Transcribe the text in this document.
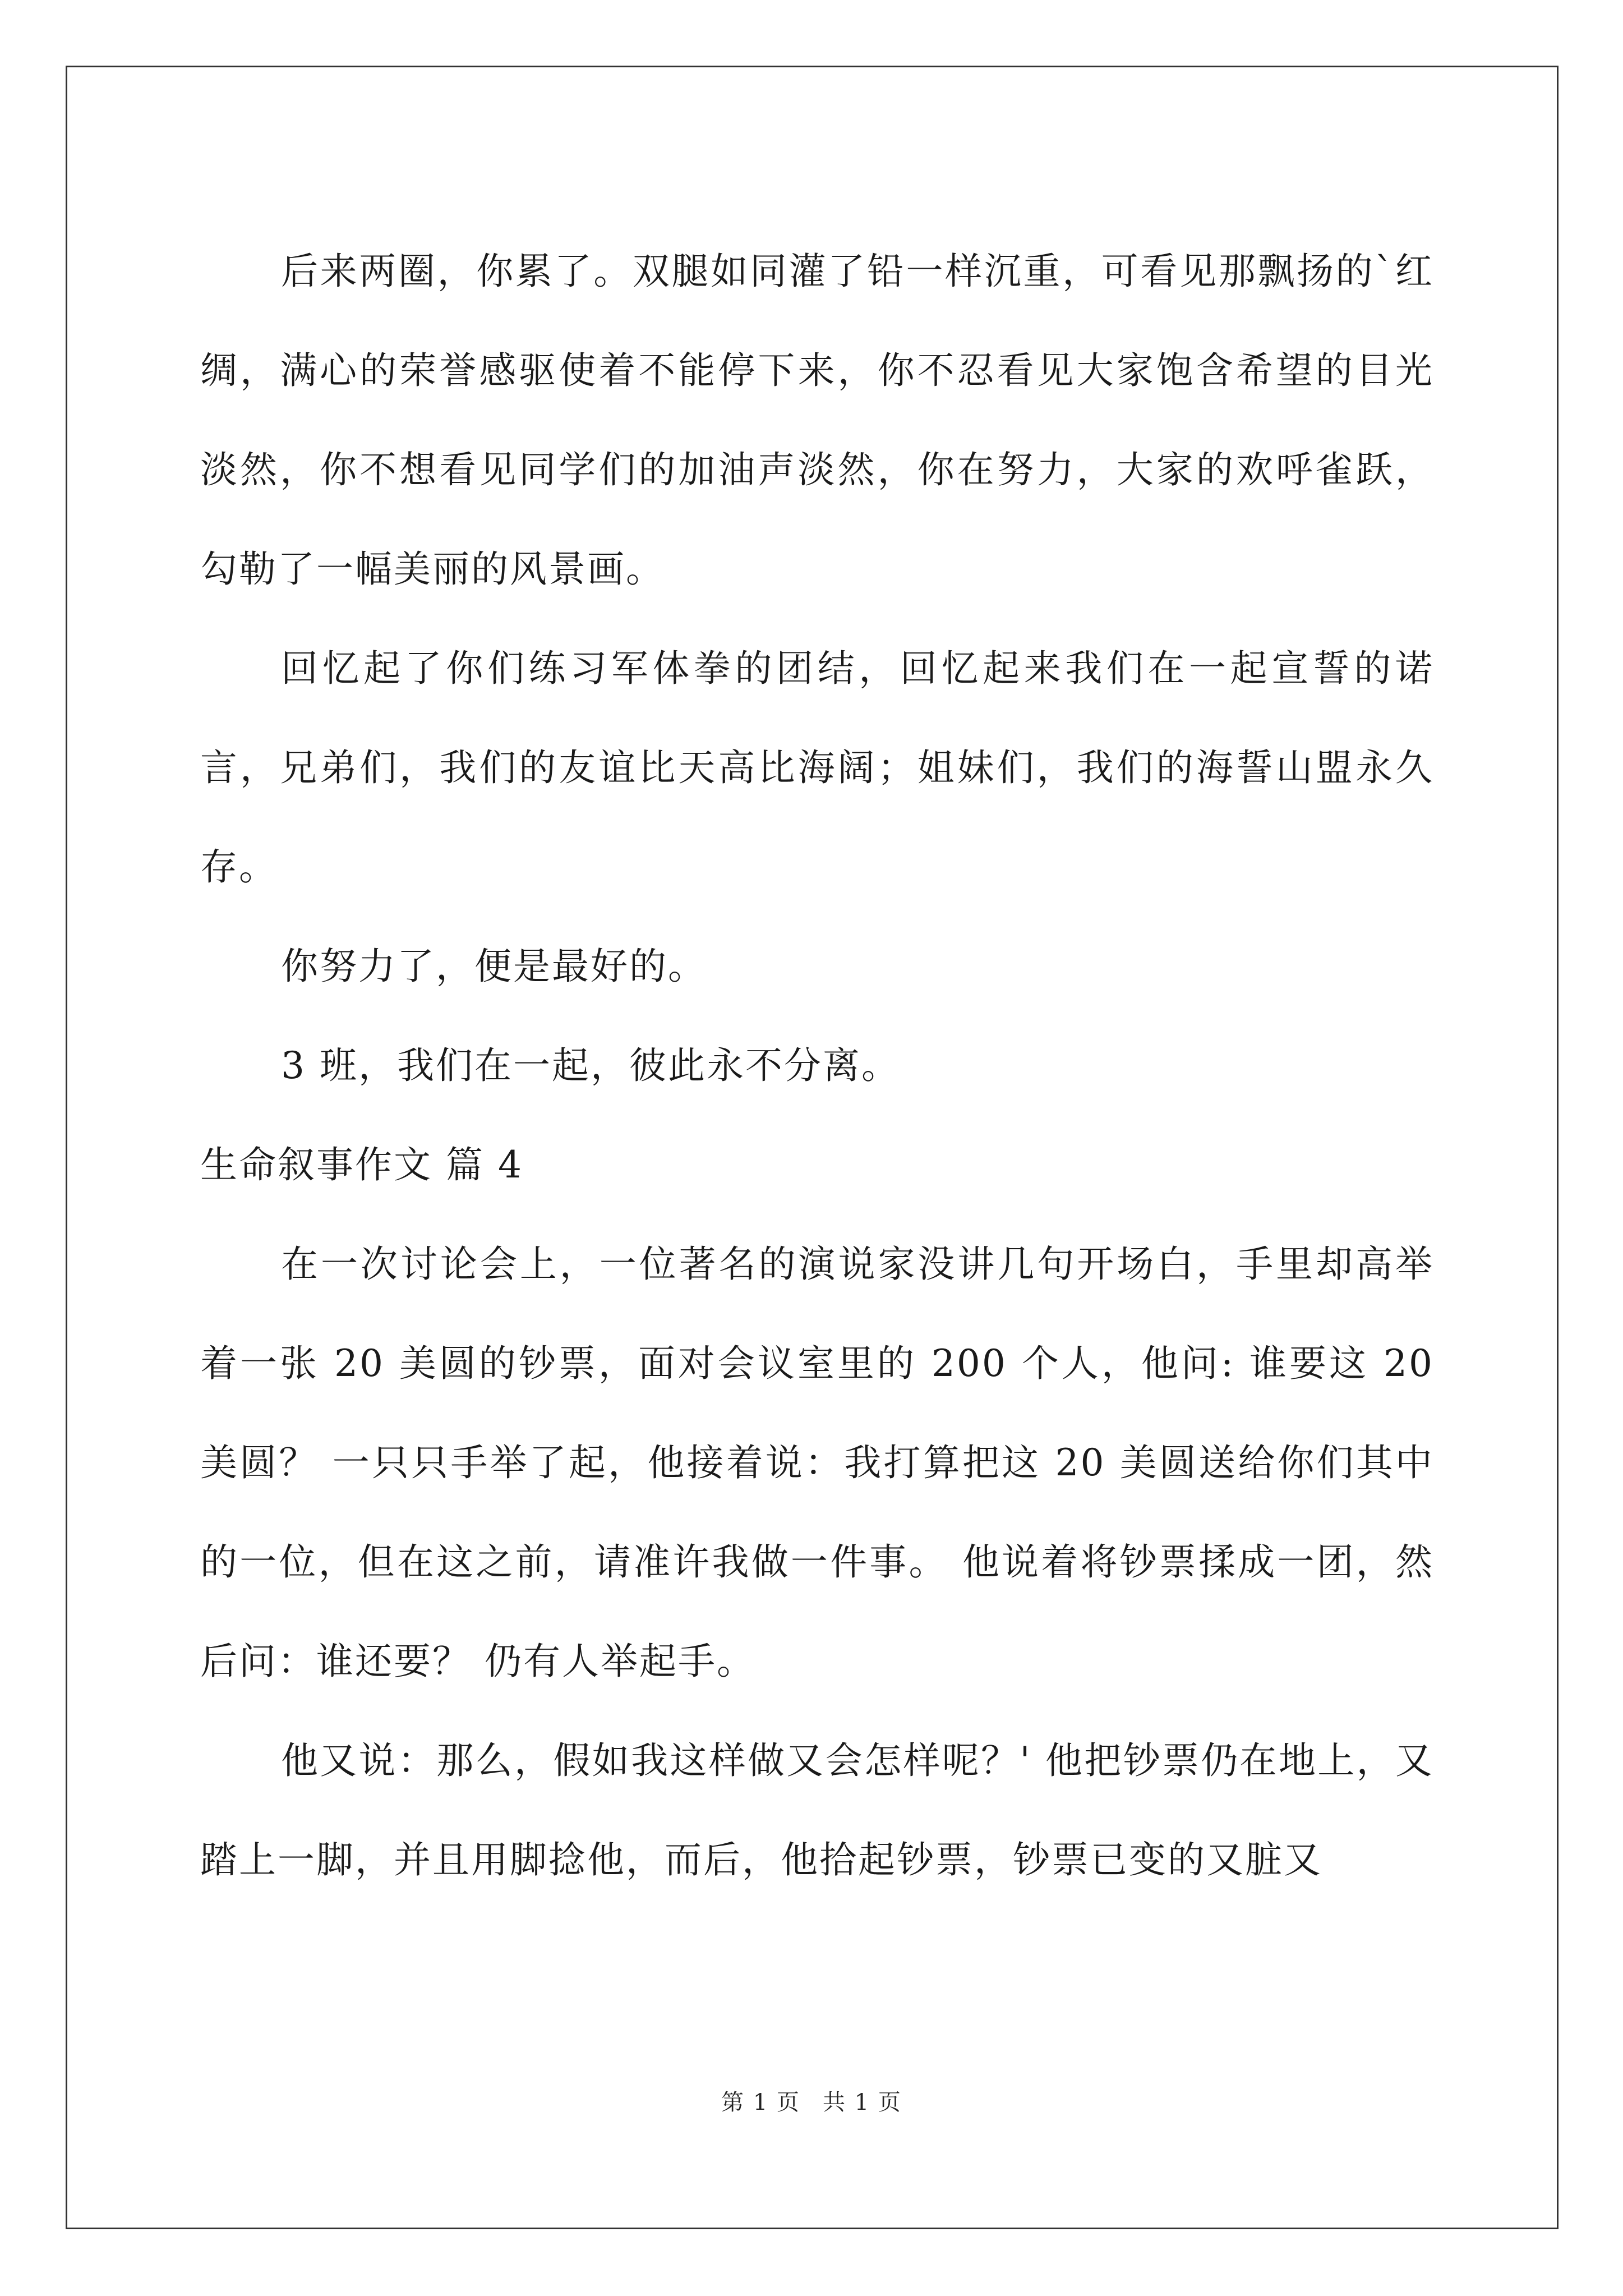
后来两圈，你累了。双腿如同灌了铅一样沉重，可看见那飘扬的`红绸，满心的荣誉感驱使着不能停下来，你不忍看见大家饱含希望的目光淡然，你不想看见同学们的加油声淡然，你在努力，大家的欢呼雀跃，勾勒了一幅美丽的风景画。

回忆起了你们练习军体拳的团结，回忆起来我们在一起宣誓的诺言，兄弟们，我们的友谊比天高比海阔；姐妹们，我们的海誓山盟永久存。

你努力了，便是最好的。

3 班，我们在一起，彼此永不分离。

生命叙事作文 篇 4

在一次讨论会上，一位著名的演说家没讲几句开场白，手里却高举着一张 20 美圆的钞票，面对会议室里的 200 个人，他问: 谁要这 20 美圆？ 一只只手举了起，他接着说：我打算把这 20 美圆送给你们其中的一位，但在这之前，请准许我做一件事。 他说着将钞票揉成一团，然后问：谁还要？ 仍有人举起手。

他又说：那么，假如我这样做又会怎样呢？' 他把钞票仍在地上，又踏上一脚，并且用脚捻他，而后，他拾起钞票，钞票已变的又脏又

第 1 页 共 1 页
